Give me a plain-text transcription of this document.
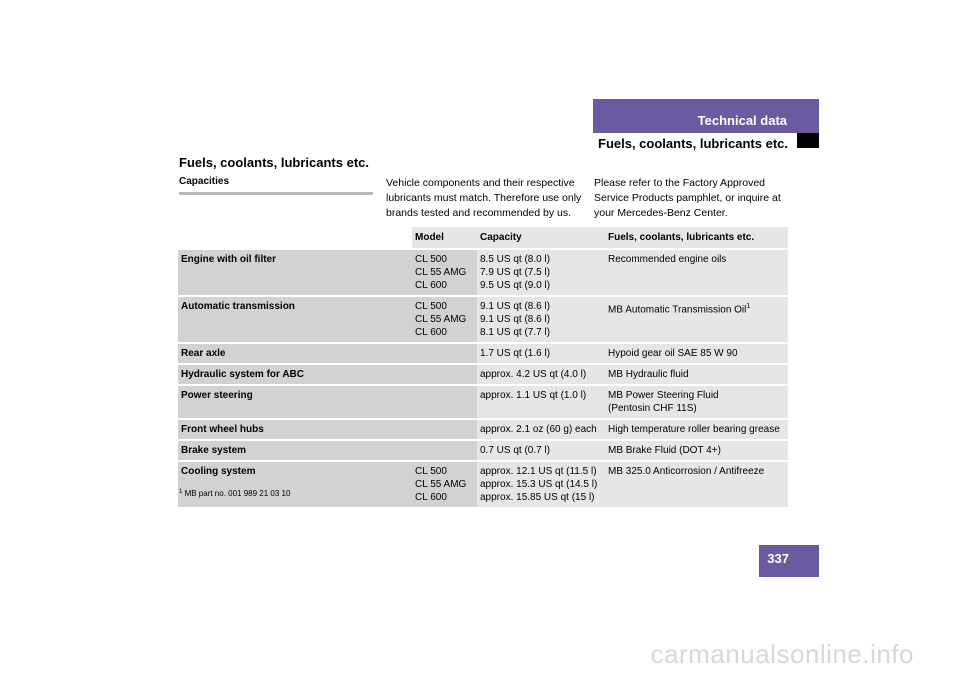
Technical data
Fuels, coolants, lubricants etc.
Fuels, coolants, lubricants etc.
Capacities	Vehicle components and their respective lubricants must match. Therefore use only brands tested and recommended by us.
Please refer to the Factory Approved Service Products pamphlet, or inquire at your Mercedes-Benz Center.
	Model	Capacity	Fuels, coolants, lubricants etc.
Engine with oil filter	CL 500
CL 55 AMG
CL 600	8.5 US qt (8.0 l)
7.9 US qt (7.5 l)
9.5 US qt (9.0 l)	Recommended engine oils
Automatic transmission	CL 500
CL 55 AMG
CL 600	9.1 US qt (8.6 l)
9.1 US qt (8.6 l)
8.1 US qt (7.7 l)	MB Automatic Transmission Oil$^1$
Rear axle		1.7 US qt (1.6 l)	Hypoid gear oil SAE 85 W 90
Hydraulic system for ABC		approx. 4.2 US qt (4.0 l)	MB Hydraulic fluid
Power steering		approx. 1.1 US qt (1.0 l)	MB Power Steering Fluid
(Pentosin CHF 11S)
Front wheel hubs		approx. 2.1 oz (60 g) each	High temperature roller bearing grease
Brake system		0.7 US qt (0.7 l)	MB Brake Fluid (DOT 4+)
Cooling system	CL 500
CL 55 AMG
CL 600	approx. 12.1 US qt (11.5 l)
approx. 15.3 US qt (14.5 l)
approx. 15.85 US qt (15 l)	MB 325.0 Anticorrosion / Antifreeze
$^1$ MB part no. 001 989 21 03 10
337
carmanualsonline.info
